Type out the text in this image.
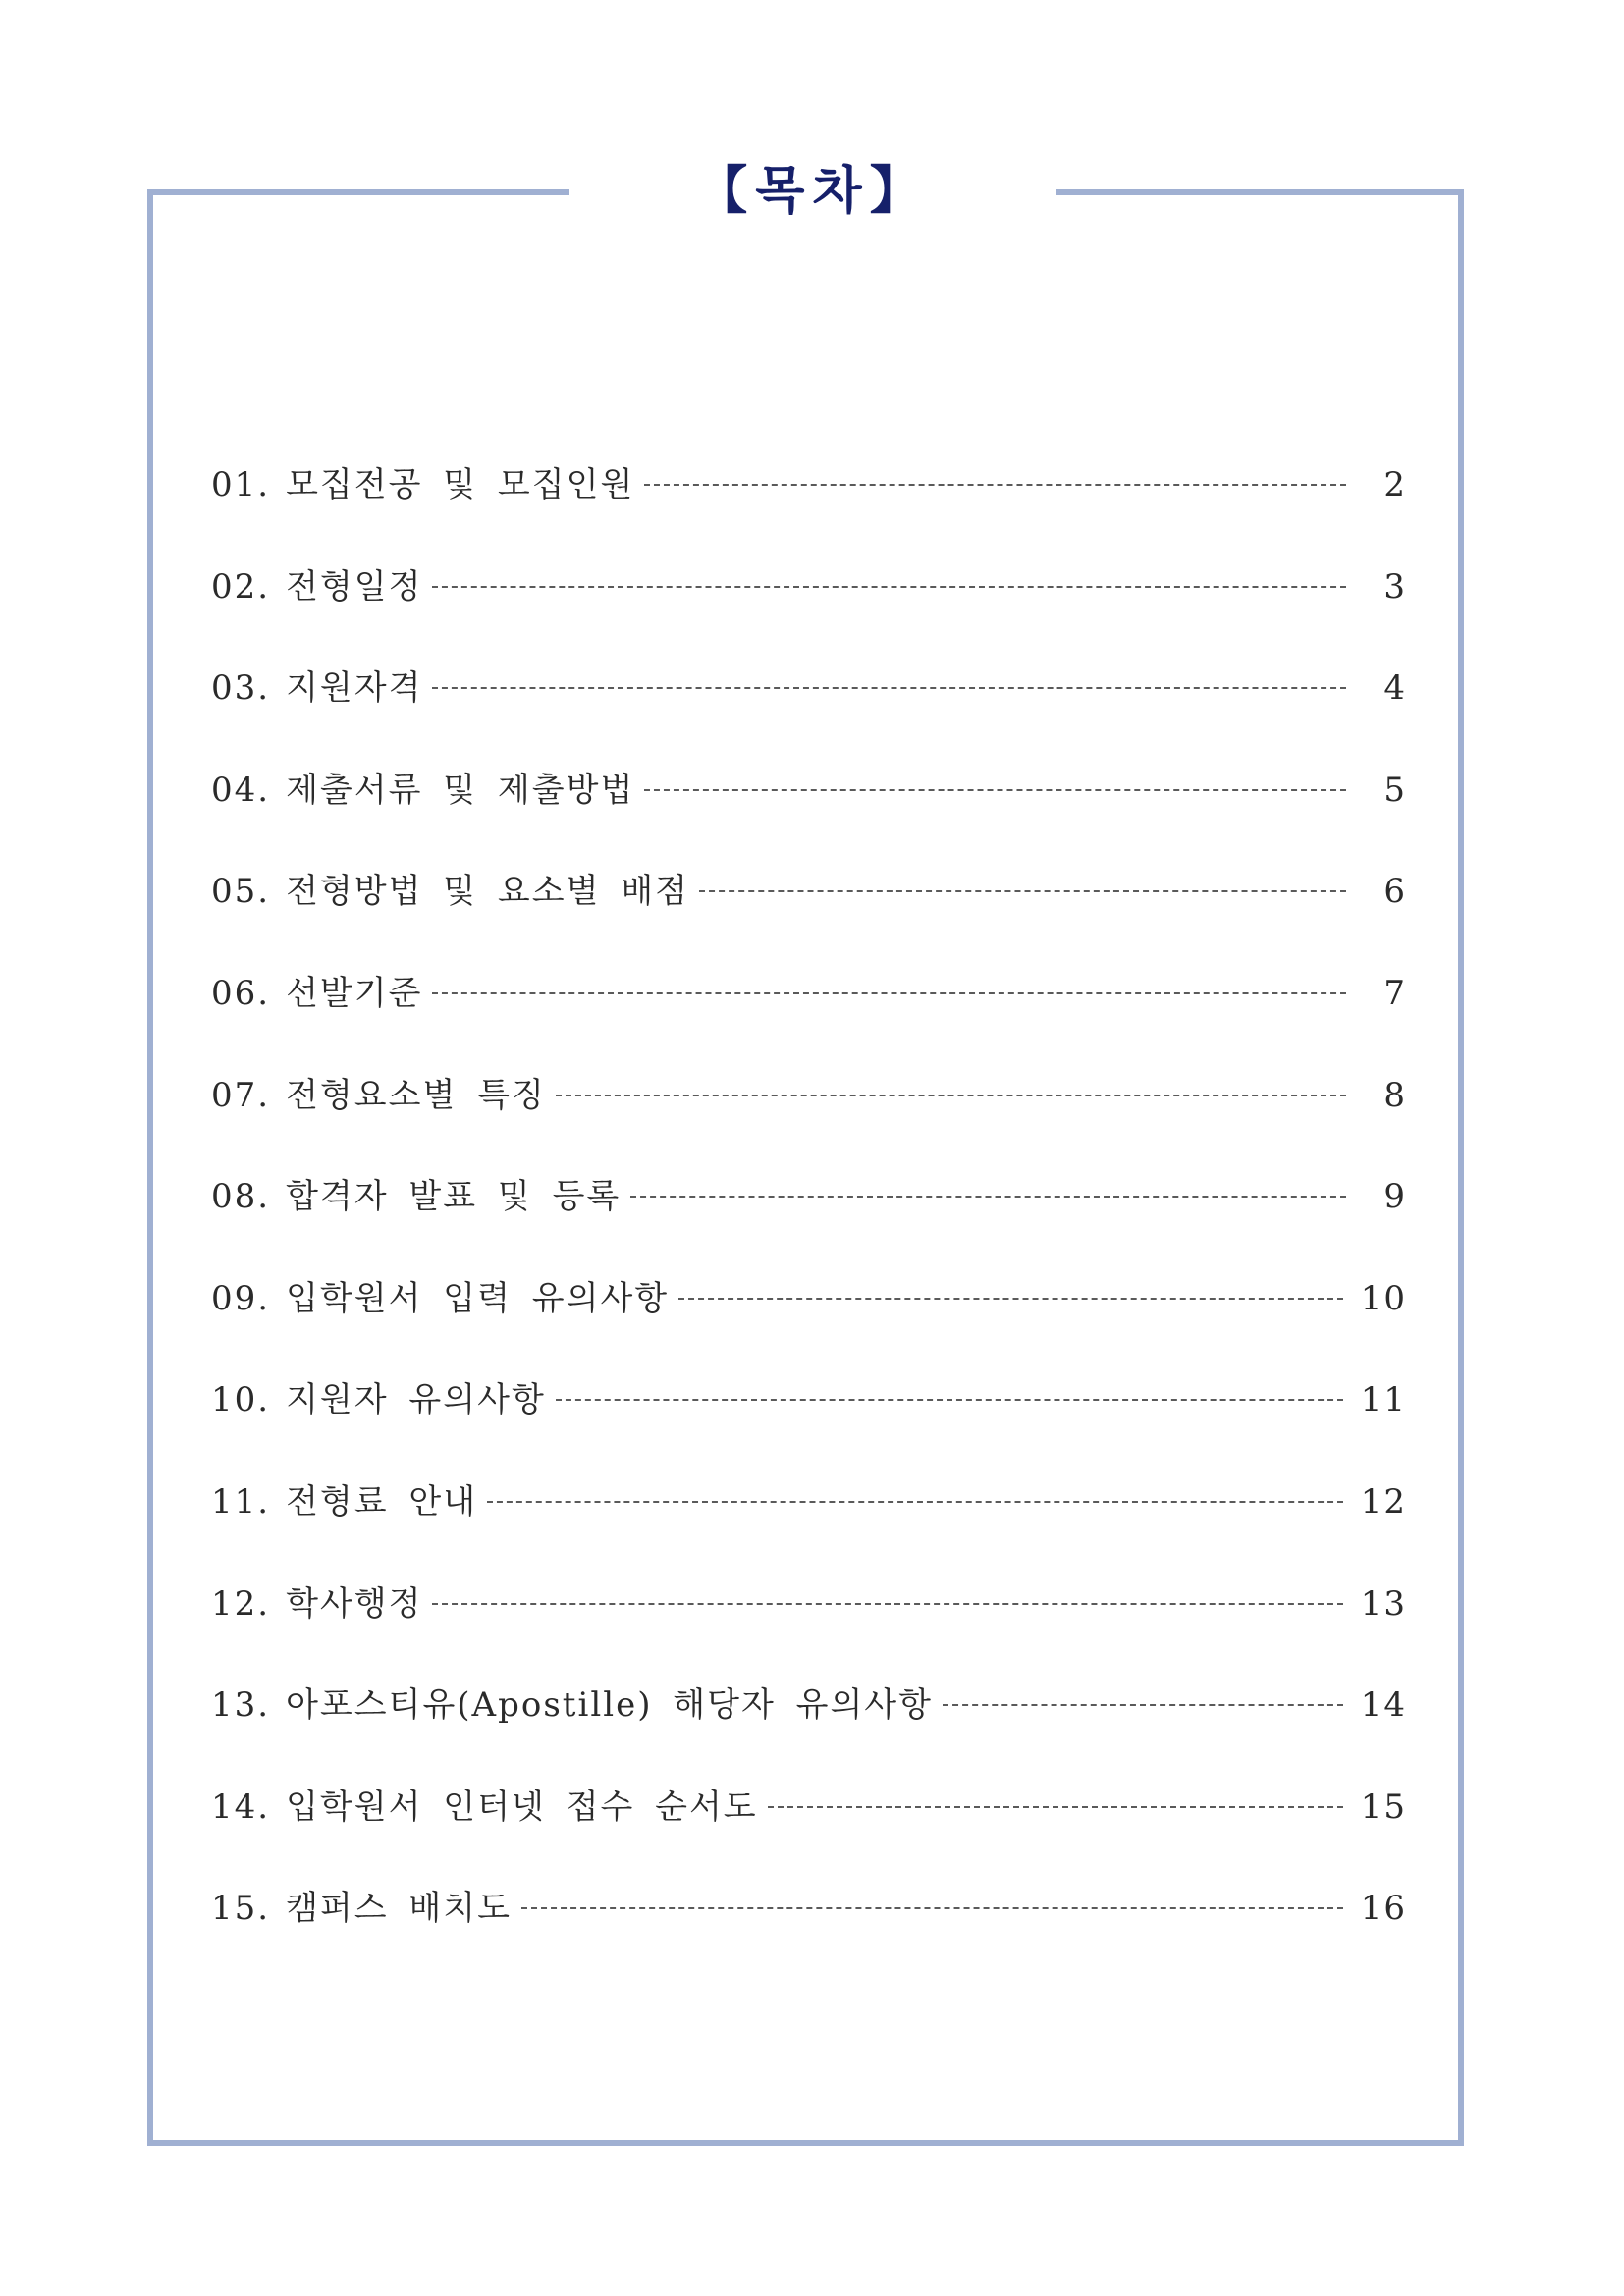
【목차】
01. 모집전공 및 모집인원	2
02. 전형일정	3
03. 지원자격	4
04. 제출서류 및 제출방법	5
05. 전형방법 및 요소별 배점	6
06. 선발기준	7
07. 전형요소별 특징	8
08. 합격자 발표 및 등록	9
09. 입학원서 입력 유의사항	10
10. 지원자 유의사항	11
11. 전형료 안내	12
12. 학사행정	13
13. 아포스티유(Apostille) 해당자 유의사항	14
14. 입학원서 인터넷 접수 순서도	15
15. 캠퍼스 배치도	16
